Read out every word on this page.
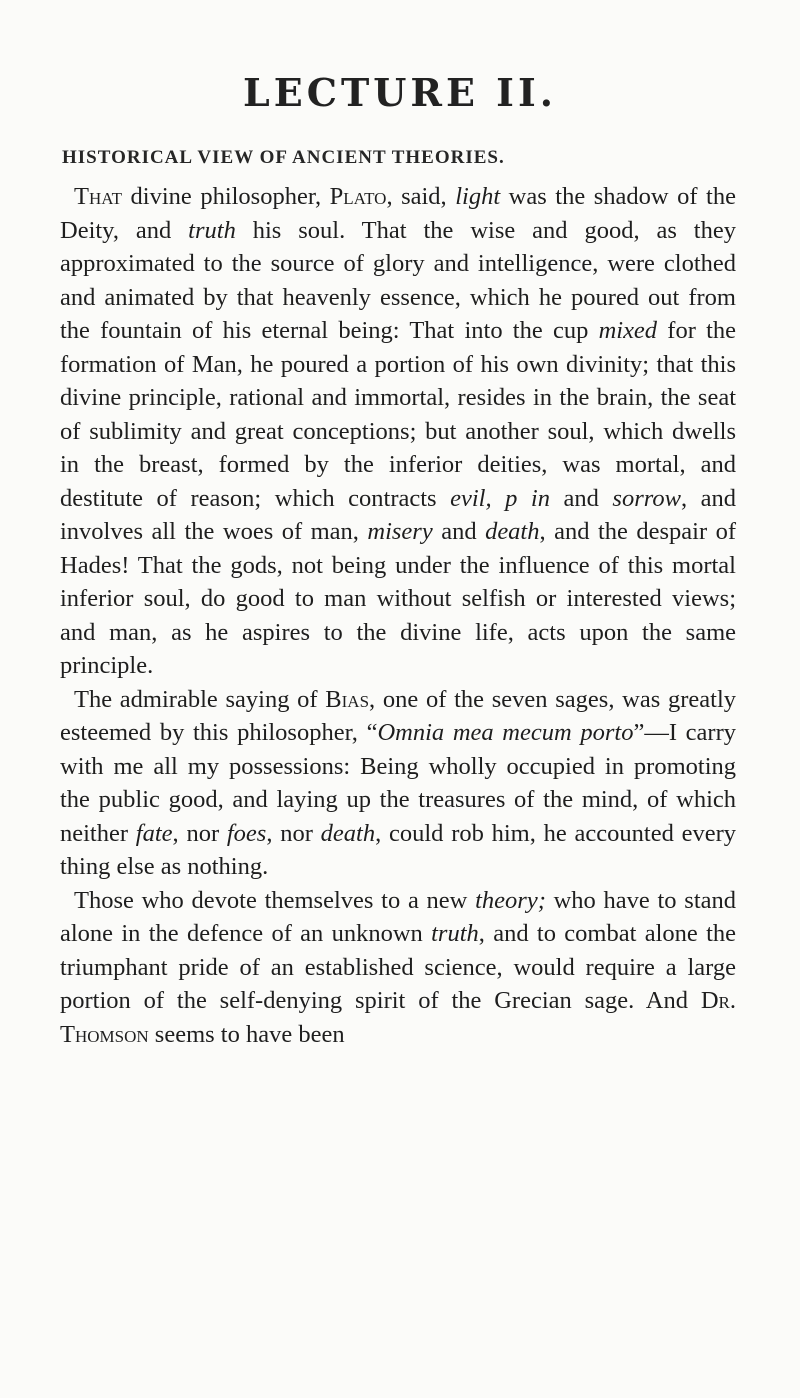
LECTURE II.
HISTORICAL VIEW OF ANCIENT THEORIES.

That divine philosopher, Plato, said, light was the shadow of the Deity, and truth his soul. That the wise and good, as they approximated to the source of glory and intelligence, were clothed and animated by that heavenly essence, which he poured out from the fountain of his eternal being: That into the cup mixed for the formation of Man, he poured a portion of his own divinity; that this divine principle, rational and immortal, resides in the brain, the seat of sublimity and great conceptions; but another soul, which dwells in the breast, formed by the inferior deities, was mortal, and destitute of reason; which contracts evil, p in and sorrow, and involves all the woes of man, misery and death, and the despair of Hades! That the gods, not being under the influence of this mortal inferior soul, do good to man without selfish or interested views; and man, as he aspires to the divine life, acts upon the same principle.

The admirable saying of Bias, one of the seven sages, was greatly esteemed by this philosopher, “Omnia mea mecum porto”—I carry with me all my possessions: Being wholly occupied in promoting the public good, and laying up the treasures of the mind, of which neither fate, nor foes, nor death, could rob him, he accounted every thing else as nothing.

Those who devote themselves to a new theory; who have to stand alone in the defence of an unknown truth, and to combat alone the triumphant pride of an established science, would require a large portion of the self-denying spirit of the Grecian sage. And Dr. Thomson seems to have been
